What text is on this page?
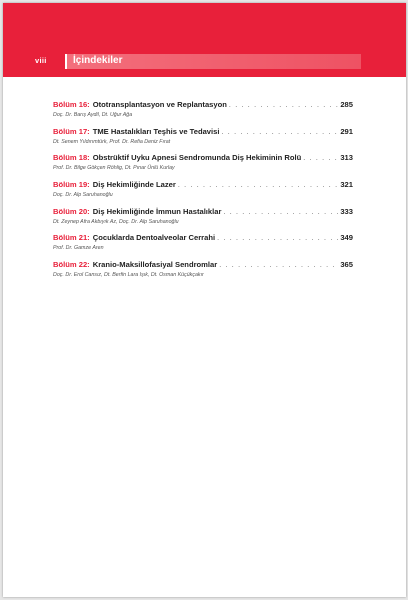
viii	İçindekiler
Bölüm 16: Ototransplantasyon ve Replantasyon . . .	285
Doç. Dr. Barış Aydil, Dt. Uğur Ağa
Bölüm 17: TME Hastalıkları Teşhis ve Tedavisi . . .	291
Dt. Senem Yıldırımtürk, Prof. Dr. Refia Deniz Fırat
Bölüm 18: Obstrüktif Uyku Apnesi Sendromunda Diş Hekiminin Rolü . . .	313
Prof. Dr. Bilge Gökçen Röhlig, Dt. Pınar Ünlü Kurlay
Bölüm 19: Diş Hekimliğinde Lazer . . .	321
Doç. Dr. Alp Saruhanoğlu
Bölüm 20: Diş Hekimliğinde İmmun Hastalıklar . . .	333
Dt. Zeynep Afra Akbıyık Az, Doç. Dr. Alp Saruhanoğlu
Bölüm 21: Çocuklarda Dentoalveolar Cerrahi . . .	349
Prof. Dr. Gamze Aren
Bölüm 22: Kranio-Maksillofasiyal Sendromlar . . .	365
Doç. Dr. Erol Cansız, Dt. Berfin Lara Işık, Dt. Osman Küçükçakır
